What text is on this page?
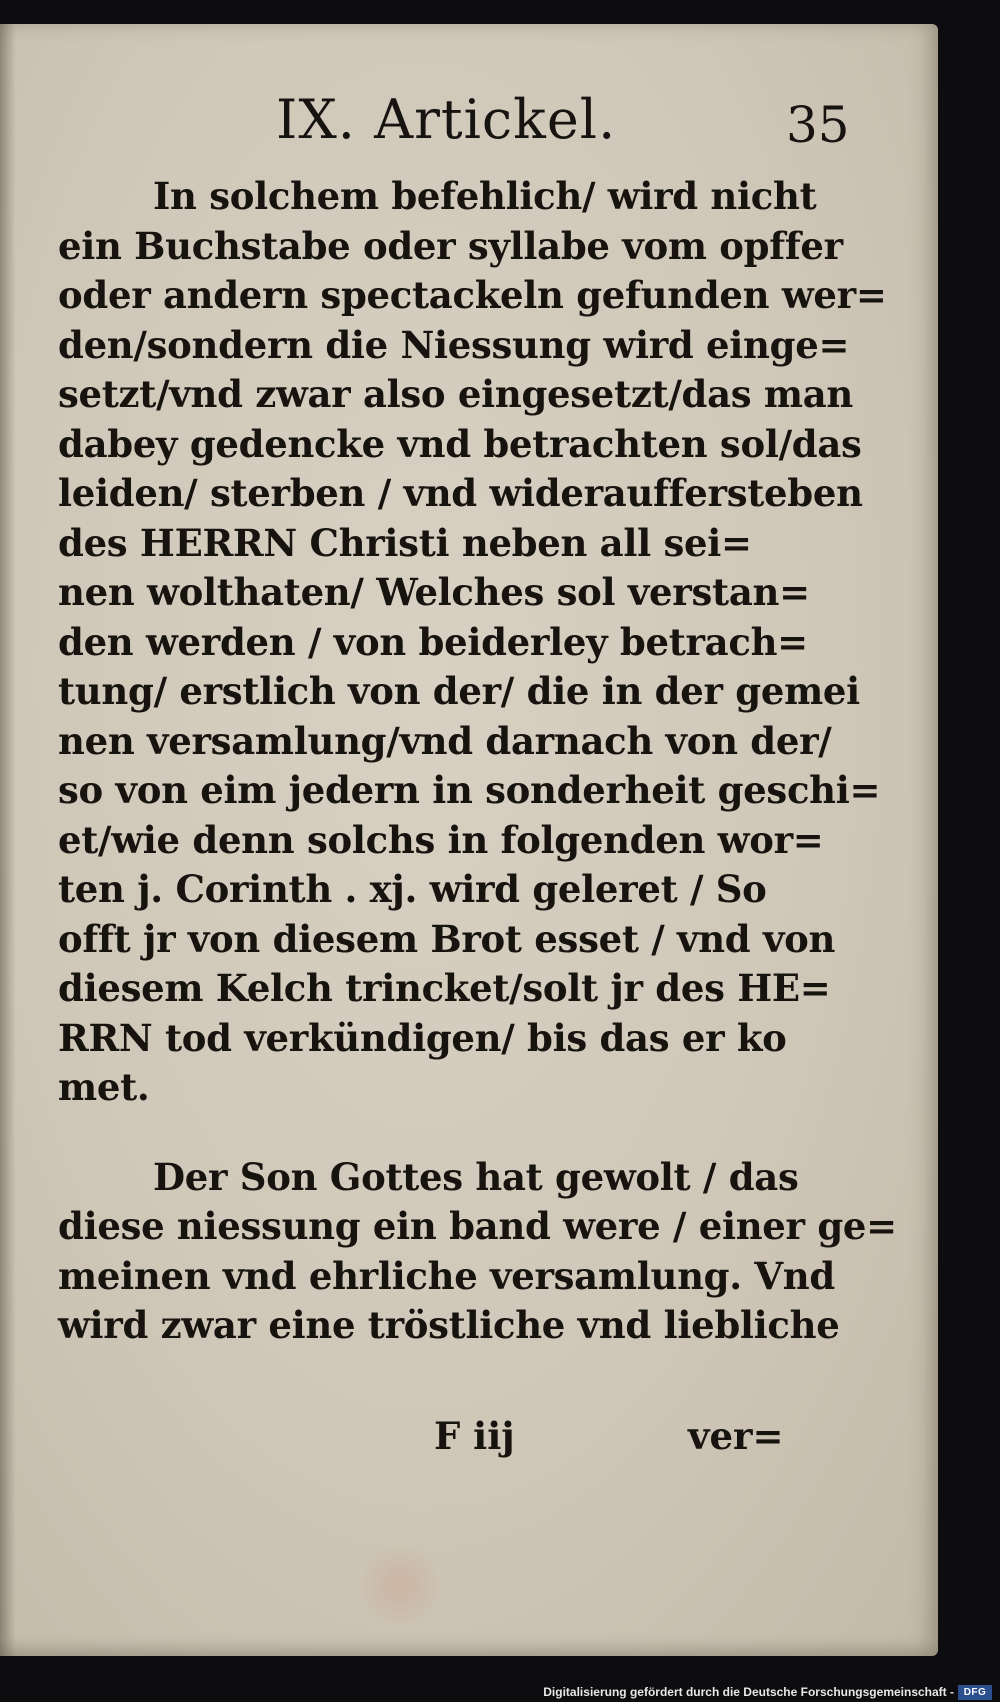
IX. Artickel.	35
In solchem befehlich/ wird nicht
ein Buchstabe oder syllabe vom opffer
oder andern spectackeln gefunden wer=
den/sondern die Niessung wird einge=
setzt/vnd zwar also eingesetzt/das man
dabey gedencke vnd betrachten sol/das
leiden/ sterben / vnd widerauffersteben
des HERRN Christi neben all sei=
nen wolthaten/ Welches sol verstan=
den werden / von beiderley betrach=
tung/ erstlich von der/ die in der gemei
nen versamlung/vnd darnach von der/
so von eim jedern in sonderheit geschi=
et/wie denn solchs in folgenden wor=
ten j. Corinth . xj. wird geleret / So
offt jr von diesem Brot esset / vnd von
diesem Kelch trincket/solt jr des HE=
RRN tod verkündigen/ bis das er ko
met.
Der Son Gottes hat gewolt / das
diese niessung ein band were / einer ge=
meinen vnd ehrliche versamlung. Vnd
wird zwar eine tröstliche vnd liebliche
F iij	ver=
Digitalisierung gefördert durch die Deutsche Forschungsgemeinschaft - DFG
